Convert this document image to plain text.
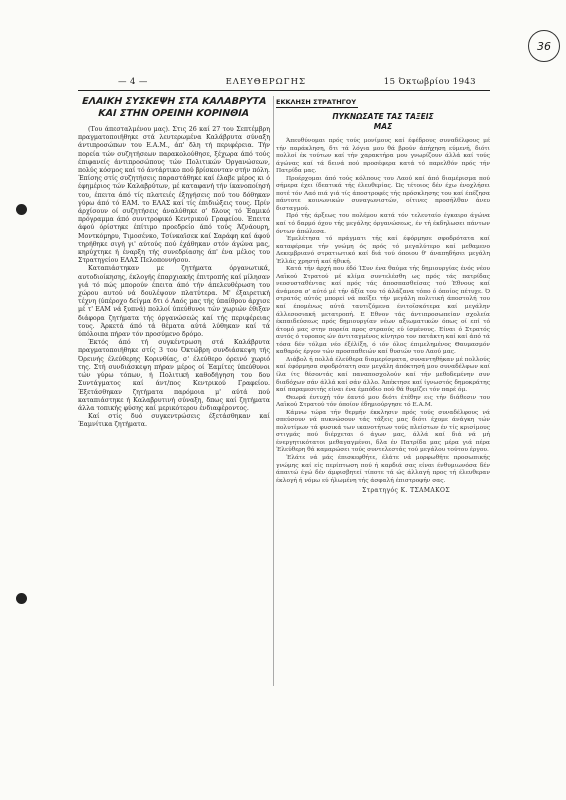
36
— 4 —	ΕΛΕΥΘΕΡΩΓΗΣ	15 Όκτωβρίου 1943
ΕΛΑΙΚΗ ΣΥΣΚΕΨΗ ΣΤΑ ΚΑΛΑΒΡΥΤΑ
ΚΑΙ ΣΤΗΝ ΟΡΕΙΝΗ ΚΟΡΙΝΘΙΑ

(Του άπεσταλμένου μας). Στις 26 καί 27 του Σεπτέμβρη πραγματοποιήθηκε στά λευτερωμένα Καλάβρυτα σύναξη άντιπροσώπων του Ε.Α.Μ., άπ' δλη τή περιφέρεια. Τήν πορεία τών συζητήσεων παρακολούθησε, ξέχωρα άπό τούς έπιφανείς άντιπροσώπους τών Πολιτικών Όργανώσεων, πολύς κόσμος καί τό άντάρτικο πού βρίσκονταν στήν πόλη. Έπίσης στίς συζητήσεις παραστάθηκε καί έλαβε μέρος κι ό έφημέριος τών Καλαβρύτων, μέ καταφανή τήν ίκανοποίησή του, έπειτα άπό τίς πλατειές έξηγήσεις πού του δόθηκαν γύρω άπό τό ΕΑΜ. το ΕΛΑΣ καί τίς έπιδιώξεις τους. Πρίν άρχίσουν οί συζητήσεις άναλύθηκε σ' δλους τό Έαμικό πρόγραμμα άπό συνιτροφικό Κεντρικού Γραφείου. Έπειτα άφού όρίστηκε έπίτιμο προεδρείο άπό τούς Άζνάουρη, Μοντκόμηρυ, Τιμοσένκο, Τσίνκαϊσεκ καί Σαράφη καί άφού τηρήθηκε σιγή γι' αύτούς πού έχάθηκαν στόν άγώνα μας, κηρύχτηκε ή έναρξη τής συνεδρίασης άπ' ένα μέλος του Στρατηγείου ΕΛΑΣ Πελοποννήσου.

Καταπιάστηκαν με ζητήματα όργανωτικά, αυτοδιοίκησης, έκλογής έπαρχιακής έπιτροπής καί μίλησαν γιά τό πώς μπορούν έπειτα άπό τήν άπελευθέρωση του χώρου αυτού νά δουλέψουν πλατύτερα. Μ' έξαιρετική τέχνη (ύπέροχο δείγμα δτι ό Λαός μας τής ύπαίθρου άρχισε μέ τ' ΕΑΜ νά ξυπνά) πολλοί ύπεύθυνοι τών χωριών έθιξαν διάφορα ζητήματα τής όργανώσεώς καί τής περιφέρειας τους. Άρκετά άπό τά θέματα αύτά λύθηκαν καί τά ύπόλοιπα πήραν τόν προσύμενο δρόμο.

Έκτός άπό τή συγκέντρωση στά Καλάβρυτα πραγματοποιήθηκε στίς 3 του Όκτώβρη συνδιάσκεψη τής Όρεινής έλεύθερης Κορινθίας, σ' έλεύθερο όρεινό χωριό της. Στή συνδιάσκεψη πήραν μέρος οί Έαμίτες ύπεύθυνοι τών γύρω τόπων, ή Πολιτική καθοδήγηση του δου Συντάγματος καί άντ/πος Κεντρικού Γραφείου. Έξετάσθηκαν ζητήματα παρόμοια μ' αύτά πού καταπιάστηκε ή Καλαβρυτινή σύναξη, δπως καί ζητήματα άλλα τοπικής φύσης καί μερικότερου ένδιαφέροντος.

Καί στίς δυό συγκεντρώσεις έξετάσθηκαν καί Έαμνίτικα ζητήματα.

ΕΚΚΛΗΣΗ ΣΤΡΑΤΗΓΟΥ
ΠΥΚΝΩΣΑΤΕ ΤΑΣ ΤΑΞΕΙΣ
ΜΑΣ

Άπευθύνομαι πρός τούς μονίμους καί έφέδρους συναδέλφους μέ τήν παράκληση, δτι τά λόγια μου θά βρούν άπήχηση εύμενή, διότι πολλοί έκ τούτων καί τήν χαρακτήρα μου γνωρίζουν άλλά καί τούς άγώνας καί τά δεινά πού προσέφερα κατά τό παρελθόν πρός τήν Πατρίδα μας.

Προέρχομαι άπό τούς κόλπους του Λαού καί άπό διαμέρισμα πού σήμερα έχει ίδεατικά τής έλευθερίας. Ώς τέτοιος δέν έχω ένοχλήσει ποτέ τόν Λαό πιά γιά τίς άποστροφές τής πρόσκλησης του καί έπέζησα πάντοτε κοινωνικών συναγωνιστών, οίτινες προσήλθαν άνευ δισταγμού.

Πρό τής άρξεως του πολέμου κατά τόν τελευταίο έγκαιρο άγώνα καί τό δαρμό όχου τής μεγάλης όργανώσεως, έν τή έκδηλωσει πάντων όντων άπώλεσα.

Έμελέτησα τό πράγματι τής καί έφόρμησε σφοδρότατα καί καταφέραμε τήν γνώμη ός πρός τό μεγαλύτερο καί μεθαμενο Δεκεμβριανό στρατιωτικό καί διά τού όποιου θ' άναπηδήσει μεγάλη Έλλάς χρηστή καί ήθική.

Κατά τήν άρχή που έδό ΊΣυν ένα θαύμα τής δημιουργίας ένός νέου Λαϊκού Στρατού μέ κλίμα συντελέσθη ως πρός τάς πατρίδας νεοσυσταθέντας καί πρός τάς άποσπασθείσας τού Έθνους καί άνάμεσα σ' αύτό μέ τήν άξία του τό άλάζανα τόπο ό όποίος πέτυχε. Ό στρατός αύτός μπορεί νά παίξει τήν μεγάλη πολιτική άποστολή του καί έπομένως αύτά ταυτιζόμενα ένιτοϊσκότερα καί μεγάλην άλλεσοσιακή μετατροπή. Ε Εθνον τάς άντιπροσωπείαν σχολεία έκπαιδεύσεως πρός δημιουργίαν νέων αξιωματικών όπως οί επί τό άτομό μας στην πορεία προς στραούς εύ ίσμένους. Είναι ό Στρατός αυτός ό τυροπος ών άντιταγμένος κίνητρο τον πατάκτη καί καί άπό τά τόσα δέν τόλμα νέο έξέλίξη, ό ιόν όλος έπιμελημένος Θαυμασμόν καθαρός έργον τών προσπαθειών καί θυσιών του Λαού μας.

Διάβολ ή πολλά έλεύθερα διαμερίσματα, συναντηθήκαν μέ πολλούς καί έφόρμησα σφοδρότατη σαν μεγάλη άπόκτησή μου συναδέλφων καί ίλα ίτς θέσοντάς καί παναποσχολούν καί τήν μεθοδεμένην συν διαδόχων σάν άλλά καί σάν άλλο. Άπέκτησε καί ίγνωστός δημοκράτης καί παραμεσιτής είναι ένα έμπόδιο πού θά θυμίζει τόν παρέ όμ.

Θεωρά έυτυχή τόν έαυτό μου διότι έτέθην εις τήν διάθεσιν του Λαϊκού Στρατού τόν όποίον έδημιούργησε τό Ε.Α.Μ.

Κάμνω τώρα τήν θερμήν έκκλησιν πρός τούς συναδέλφους νά σπεύσουν νά πυκνώσουν τάς τάξεις μας διότι έχομε άνάγκη τών πολυτίμων τά φυσικά των ικανοτήτων τούς πλείστων έν τίς κρισίμους στιγμάς πού διέρχεται ό άγων μας, άλλά καί διά νά μή ένεργητικότατοι μεθαγαγμένοι, δλα έν Πατρίδα μας μέρα γιά πέρα Έλεύθερη θά καμαρώσει τούς συντελεστάς τού μεγάλου τούτου έργου.

Έλάτε νά μάς έπισκεφθήτε, έλάτε νά μορφωθήτε προσωπικής γνώμης καί είς περίπτωση πού ή καρδιά σας είναι ένθυμιωνόσα δέν άπαιτώ έγώ δέν άμφισβητεί τίποτε τά ώς άλλαγή προς τή έλευθεραν έκλογή ή νόμω εύ ήλωμένη τής άσφαλή έπιστροφήν σας.

Στρατηγός Κ. ΤΣΑΜΑΚΟΣ
